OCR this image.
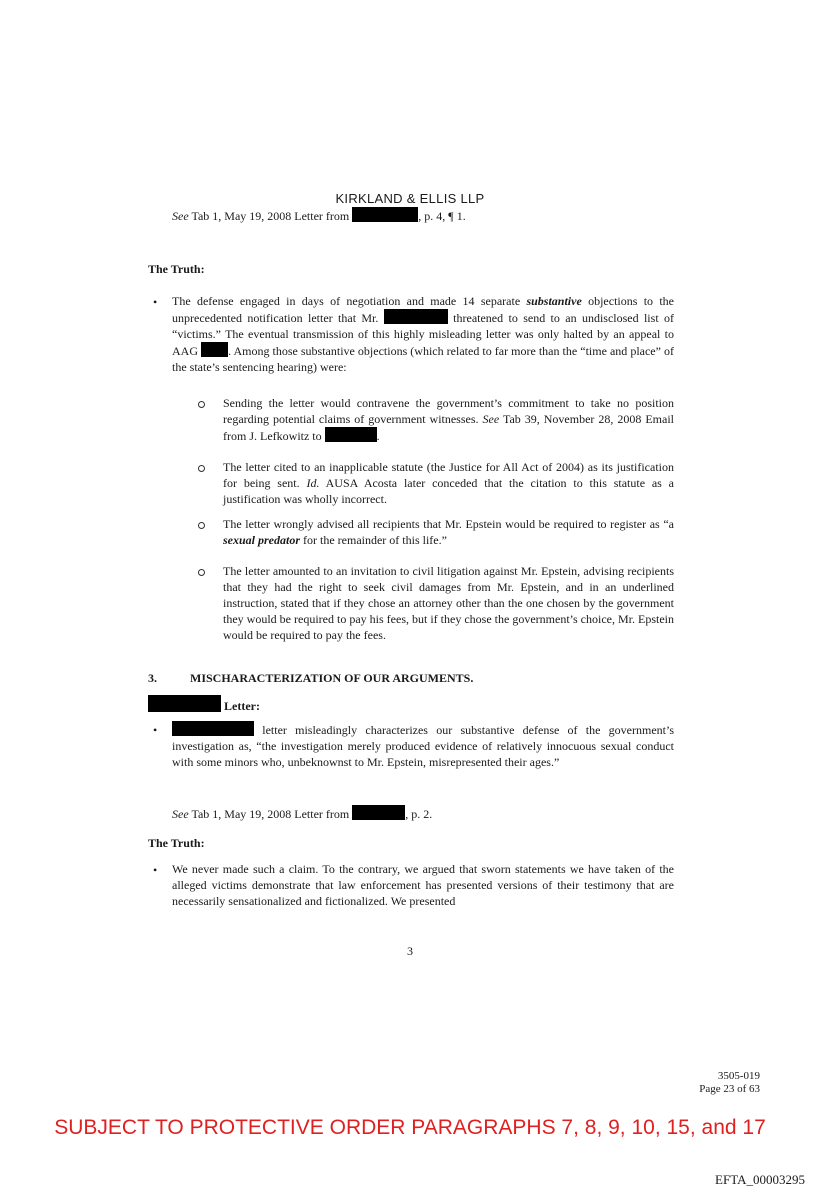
KIRKLAND & ELLIS LLP
See Tab 1, May 19, 2008 Letter from	, p. 4, ¶ 1.
The Truth:
• The defense engaged in days of negotiation and made 14 separate substantive objections to the unprecedented notification letter that Mr.	threatened to send to an undisclosed list of “victims.” The eventual transmission of this highly misleading letter was only halted by an appeal to AAG	. Among those substantive objections (which related to far more than the “time and place” of the state’s sentencing hearing) were:
Sending the letter would contravene the government’s commitment to take no position regarding potential claims of government witnesses. See Tab 39, November 28, 2008 Email from J. Lefkowitz to	.
The letter cited to an inapplicable statute (the Justice for All Act of 2004) as its justification for being sent. Id. AUSA Acosta later conceded that the citation to this statute as a justification was wholly incorrect.
The letter wrongly advised all recipients that Mr. Epstein would be required to register as “a sexual predator for the remainder of this life.”
The letter amounted to an invitation to civil litigation against Mr. Epstein, advising recipients that they had the right to seek civil damages from Mr. Epstein, and in an underlined instruction, stated that if they chose an attorney other than the one chosen by the government they would be required to pay his fees, but if they chose the government’s choice, Mr. Epstein would be required to pay the fees.
3.	MISCHARACTERIZATION OF OUR ARGUMENTS.
Letter:
•	letter misleadingly characterizes our substantive defense of the government’s investigation as, “the investigation merely produced evidence of relatively innocuous sexual conduct with some minors who, unbeknownst to Mr. Epstein, misrepresented their ages.”
See Tab 1, May 19, 2008 Letter from	, p. 2.
The Truth:
• We never made such a claim. To the contrary, we argued that sworn statements we have taken of the alleged victims demonstrate that law enforcement has presented versions of their testimony that are necessarily sensationalized and fictionalized. We presented
3
3505-019
Page 23 of 63
SUBJECT TO PROTECTIVE ORDER PARAGRAPHS 7, 8, 9, 10, 15, and 17
EFTA_00003295
